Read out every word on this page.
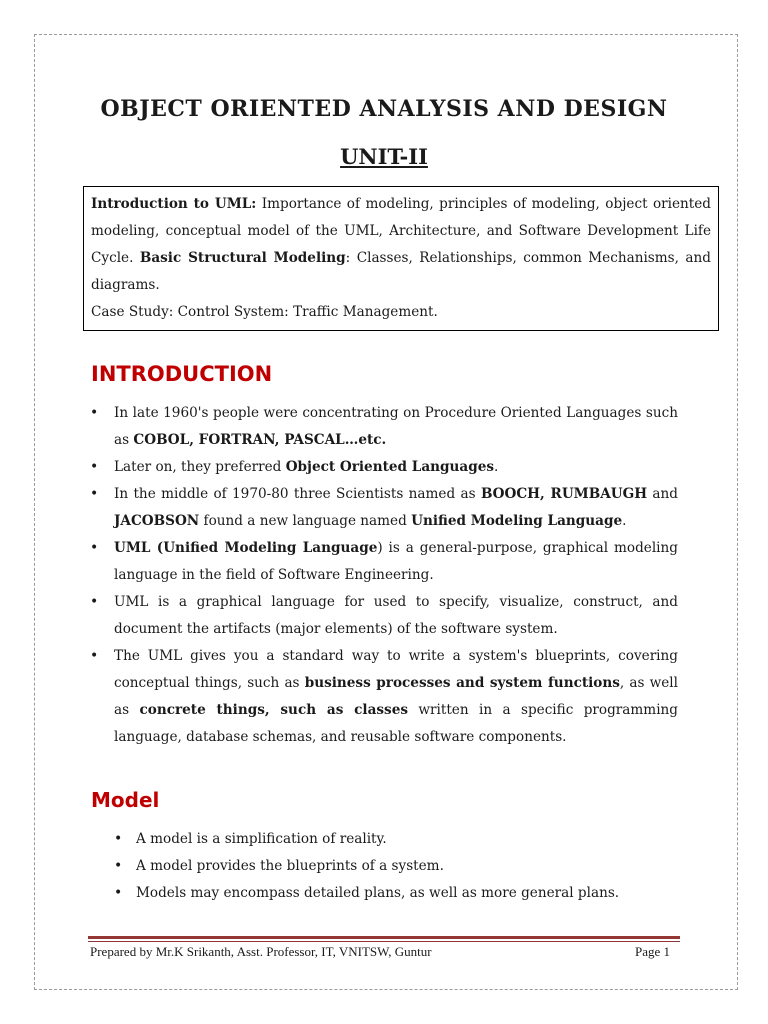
OBJECT ORIENTED ANALYSIS AND DESIGN
UNIT-II

Introduction to UML: Importance of modeling, principles of modeling, object oriented modeling, conceptual model of the UML, Architecture, and Software Development Life Cycle. Basic Structural Modeling: Classes, Relationships, common Mechanisms, and diagrams.

Case Study: Control System: Traffic Management.

INTRODUCTION
• In late 1960's people were concentrating on Procedure Oriented Languages such as COBOL, FORTRAN, PASCAL…etc.
• Later on, they preferred Object Oriented Languages.
• In the middle of 1970-80 three Scientists named as BOOCH, RUMBAUGH and JACOBSON found a new language named Unified Modeling Language.
• UML (Unified Modeling Language) is a general-purpose, graphical modeling language in the field of Software Engineering.
• UML is a graphical language for used to specify, visualize, construct, and document the artifacts (major elements) of the software system.
• The UML gives you a standard way to write a system's blueprints, covering conceptual things, such as business processes and system functions, as well as concrete things, such as classes written in a specific programming language, database schemas, and reusable software components.
Model
• A model is a simplification of reality.
• A model provides the blueprints of a system.
• Models may encompass detailed plans, as well as more general plans.
Prepared by Mr.K Srikanth, Asst. Professor, IT, VNITSW, Guntur	Page 1
